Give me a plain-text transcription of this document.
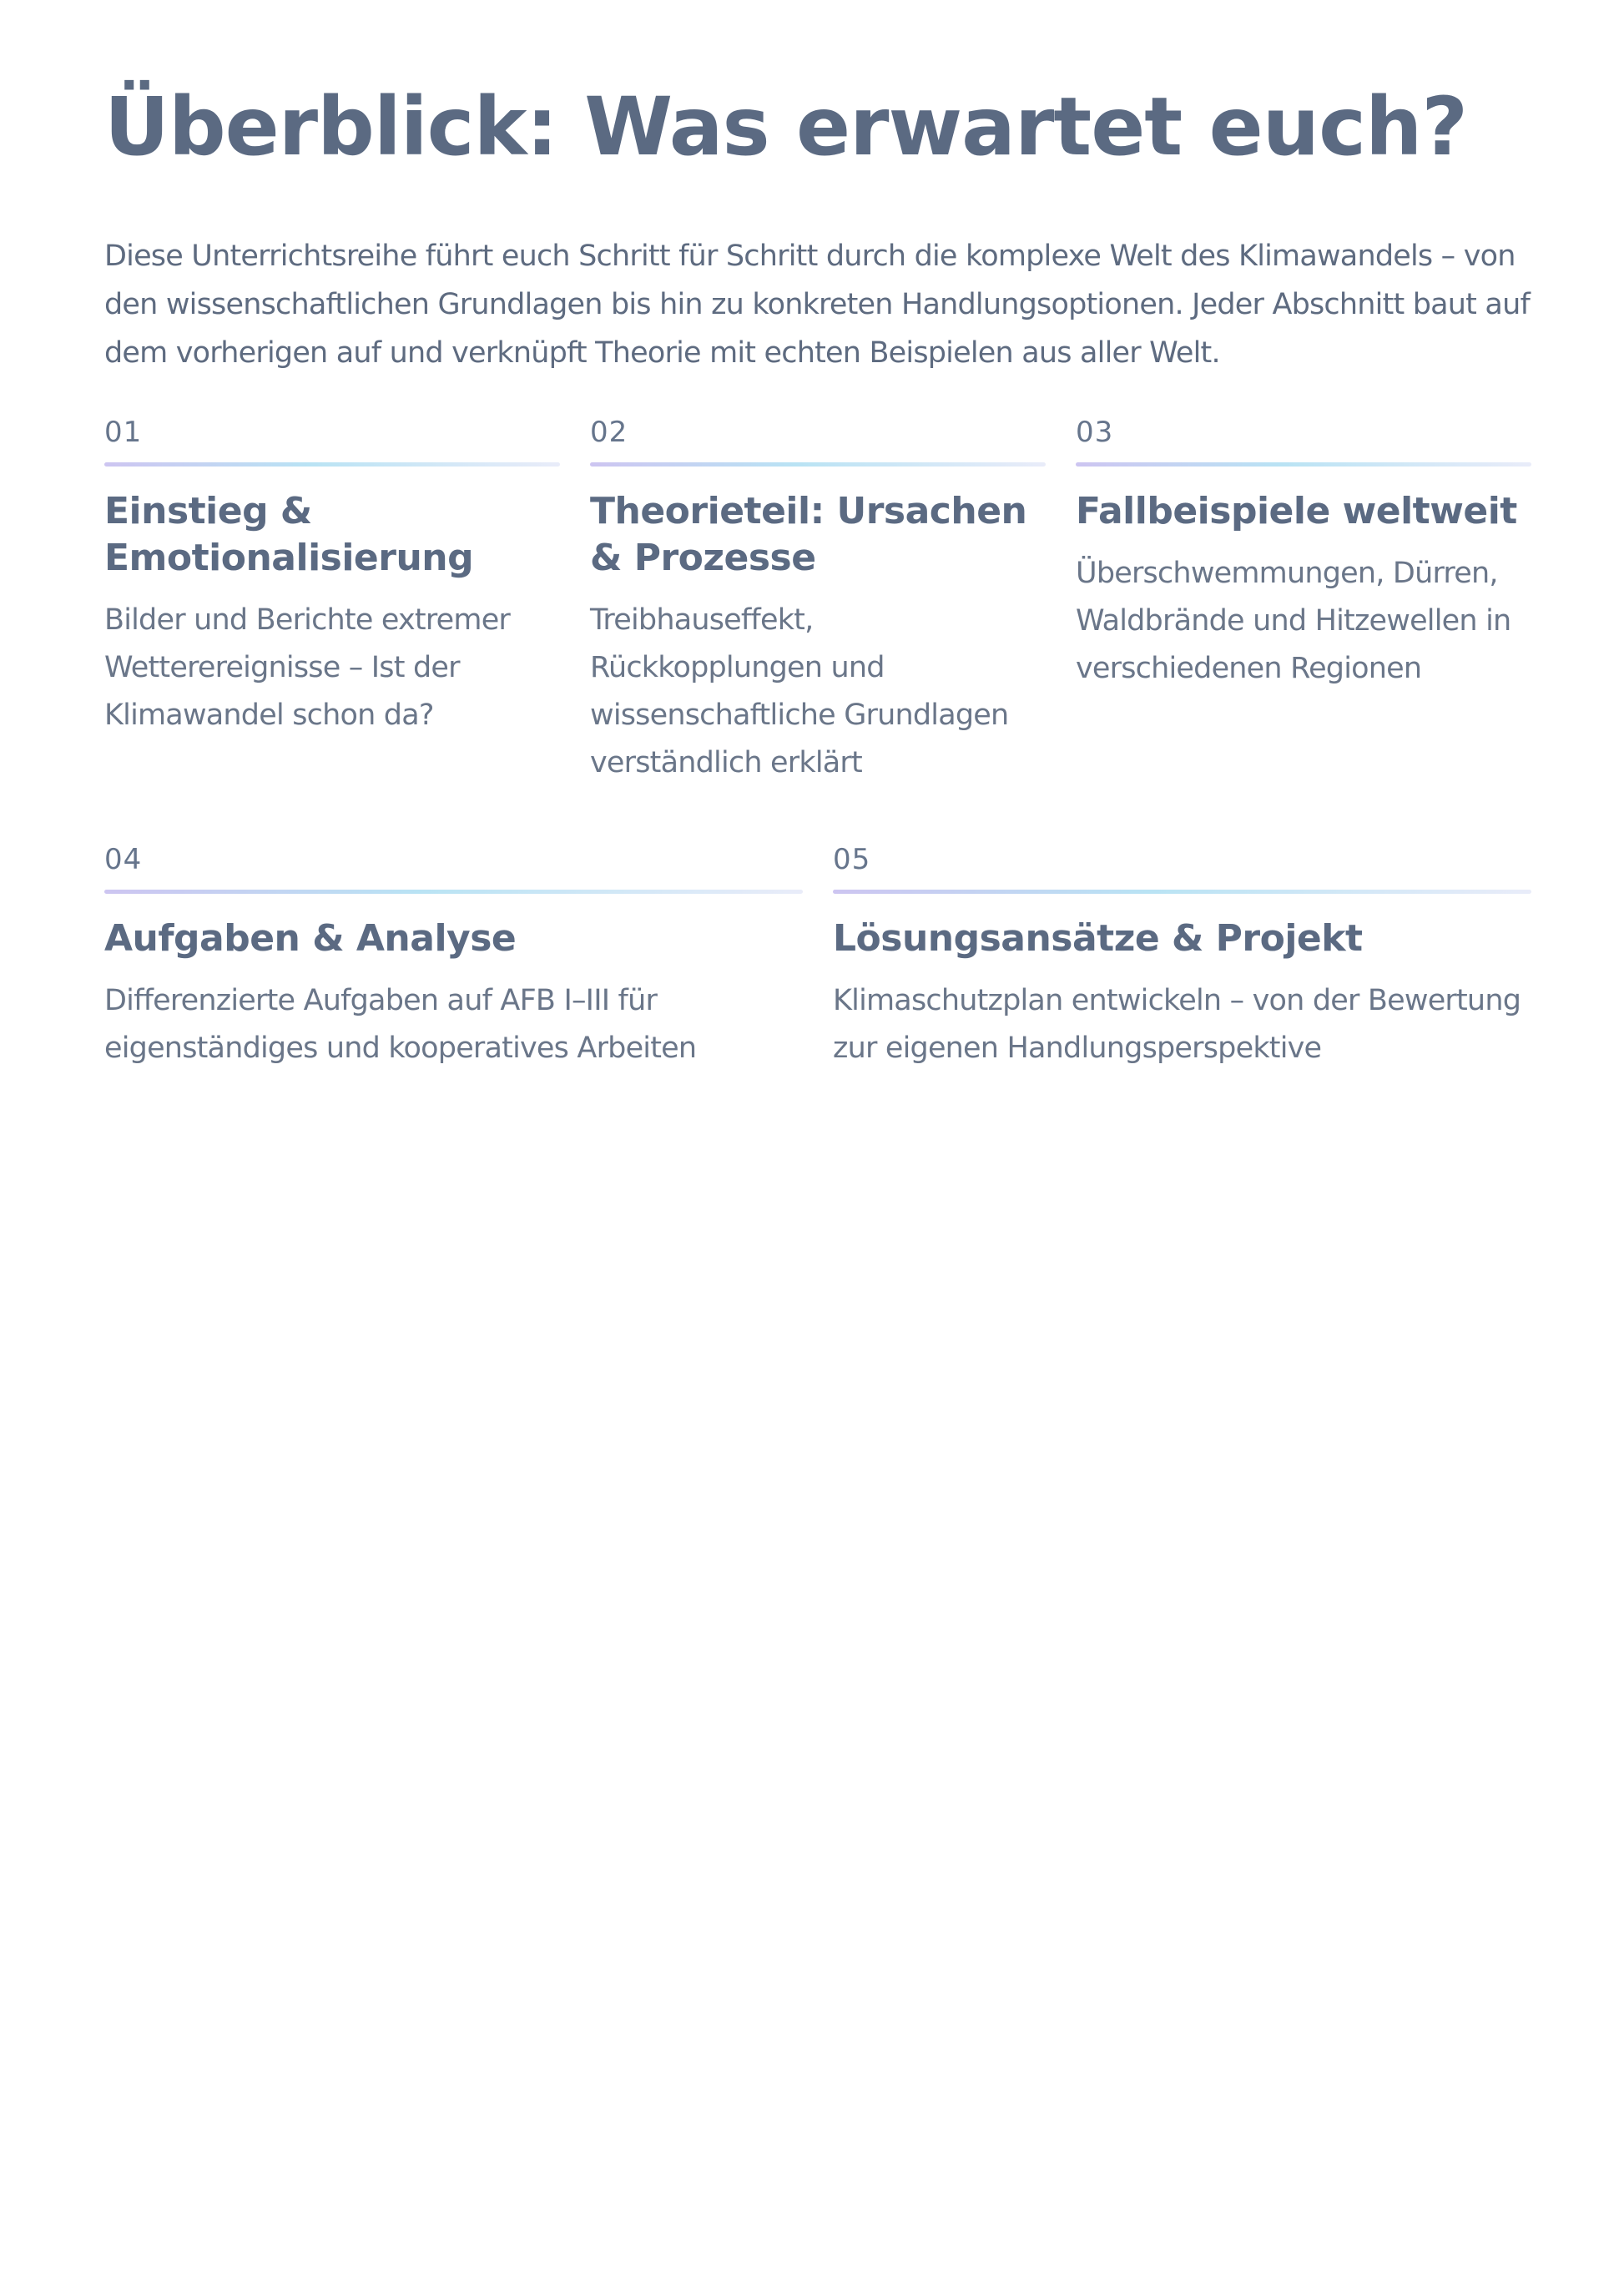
Überblick: Was erwartet euch?

Diese Unterrichtsreihe führt euch Schritt für Schritt durch die komplexe Welt des Klimawandels – von den wissenschaftlichen Grundlagen bis hin zu konkreten Handlungsoptionen. Jeder Abschnitt baut auf dem vorherigen auf und verknüpft Theorie mit echten Beispielen aus aller Welt.

01
Einstieg & Emotionalisierung
Bilder und Berichte extremer Wetterereignisse – Ist der Klimawandel schon da?
02
Theorieteil: Ursachen & Prozesse
Treibhauseffekt, Rückkopplungen und wissenschaftliche Grundlagen verständlich erklärt
03
Fallbeispiele weltweit
Überschwemmungen, Dürren, Waldbrände und Hitzewellen in verschiedenen Regionen
04
Aufgaben & Analyse
Differenzierte Aufgaben auf AFB I–III für eigenständiges und kooperatives Arbeiten
05
Lösungsansätze & Projekt
Klimaschutzplan entwickeln – von der Bewertung zur eigenen Handlungsperspektive
